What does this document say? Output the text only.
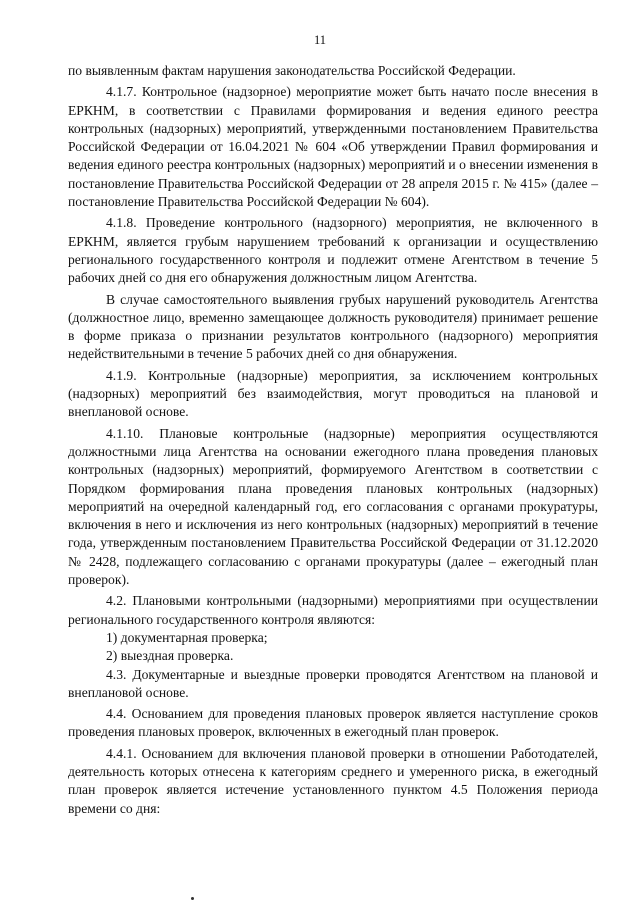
11

по выявленным фактам нарушения законодательства Российской Федерации.

4.1.7. Контрольное (надзорное) мероприятие может быть начато после внесения в ЕРКНМ, в соответствии с Правилами формирования и ведения единого реестра контрольных (надзорных) мероприятий, утвержденными постановлением Правительства Российской Федерации от 16.04.2021 № 604 «Об утверждении Правил формирования и ведения единого реестра контрольных (надзорных) мероприятий и о внесении изменения в постановление Правительства Российской Федерации от 28 апреля 2015 г. № 415» (далее – постановление Правительства Российской Федерации № 604).

4.1.8. Проведение контрольного (надзорного) мероприятия, не включенного в ЕРКНМ, является грубым нарушением требований к организации и осуществлению регионального государственного контроля и подлежит отмене Агентством в течение 5 рабочих дней со дня его обнаружения должностным лицом Агентства.

В случае самостоятельного выявления грубых нарушений руководитель Агентства (должностное лицо, временно замещающее должность руководителя) принимает решение в форме приказа о признании результатов контрольного (надзорного) мероприятия недействительными в течение 5 рабочих дней со дня обнаружения.

4.1.9. Контрольные (надзорные) мероприятия, за исключением контрольных (надзорных) мероприятий без взаимодействия, могут проводиться на плановой и внеплановой основе.

4.1.10. Плановые контрольные (надзорные) мероприятия осуществляются должностными лица Агентства на основании ежегодного плана проведения плановых контрольных (надзорных) мероприятий, формируемого Агентством в соответствии с Порядком формирования плана проведения плановых контрольных (надзорных) мероприятий на очередной календарный год, его согласования с органами прокуратуры, включения в него и исключения из него контрольных (надзорных) мероприятий в течение года, утвержденным постановлением Правительства Российской Федерации от 31.12.2020 № 2428, подлежащего согласованию с органами прокуратуры (далее – ежегодный план проверок).

4.2. Плановыми контрольными (надзорными) мероприятиями при осуществлении регионального государственного контроля являются:

1) документарная проверка;

2) выездная проверка.

4.3. Документарные и выездные проверки проводятся Агентством на плановой и внеплановой основе.

4.4. Основанием для проведения плановых проверок является наступление сроков проведения плановых проверок, включенных в ежегодный план проверок.

4.4.1. Основанием для включения плановой проверки в отношении Работодателей, деятельность которых отнесена к категориям среднего и умеренного риска, в ежегодный план проверок является истечение установленного пунктом 4.5 Положения периода времени со дня:
